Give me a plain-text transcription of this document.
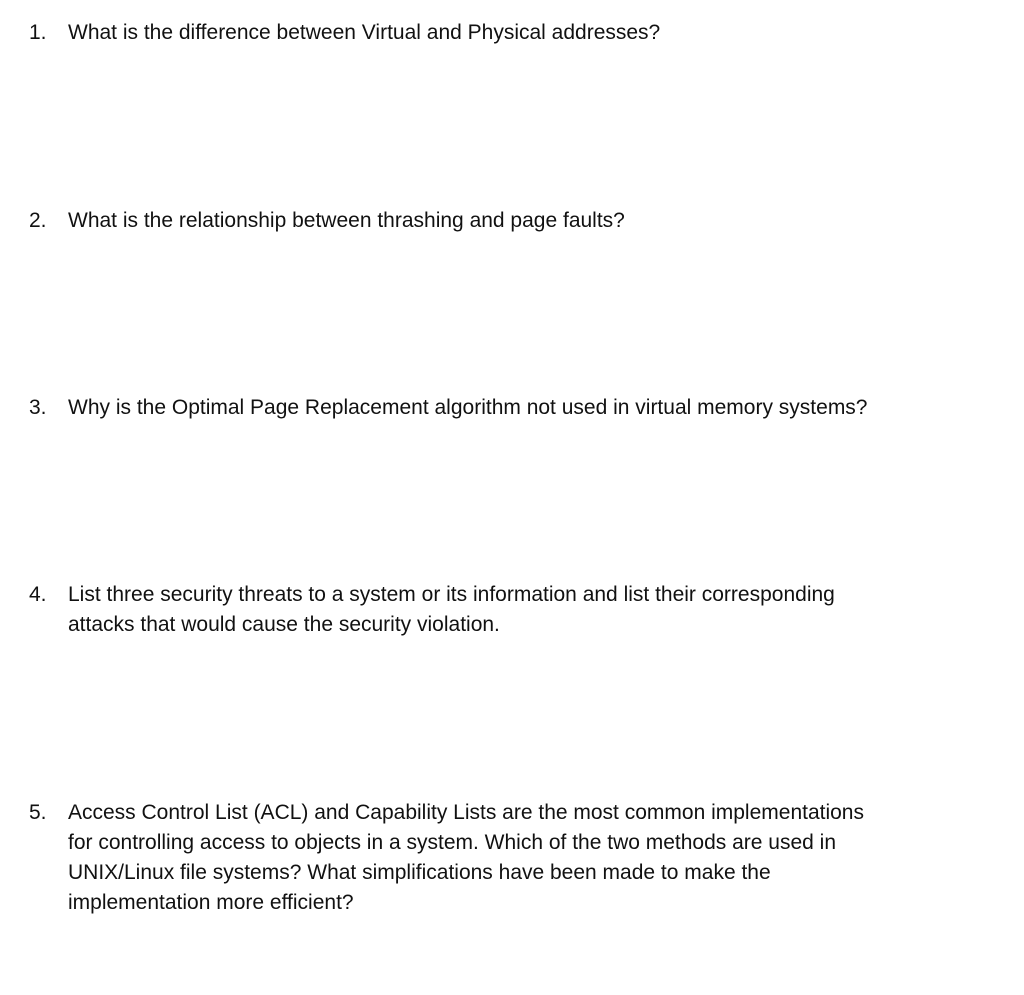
1. What is the difference between Virtual and Physical addresses?
2. What is the relationship between thrashing and page faults?
3. Why is the Optimal Page Replacement algorithm not used in virtual memory systems?
4. List three security threats to a system or its information and list their corresponding
attacks that would cause the security violation.
5. Access Control List (ACL) and Capability Lists are the most common implementations
for controlling access to objects in a system. Which of the two methods are used in
UNIX/Linux file systems? What simplifications have been made to make the
implementation more efficient?
